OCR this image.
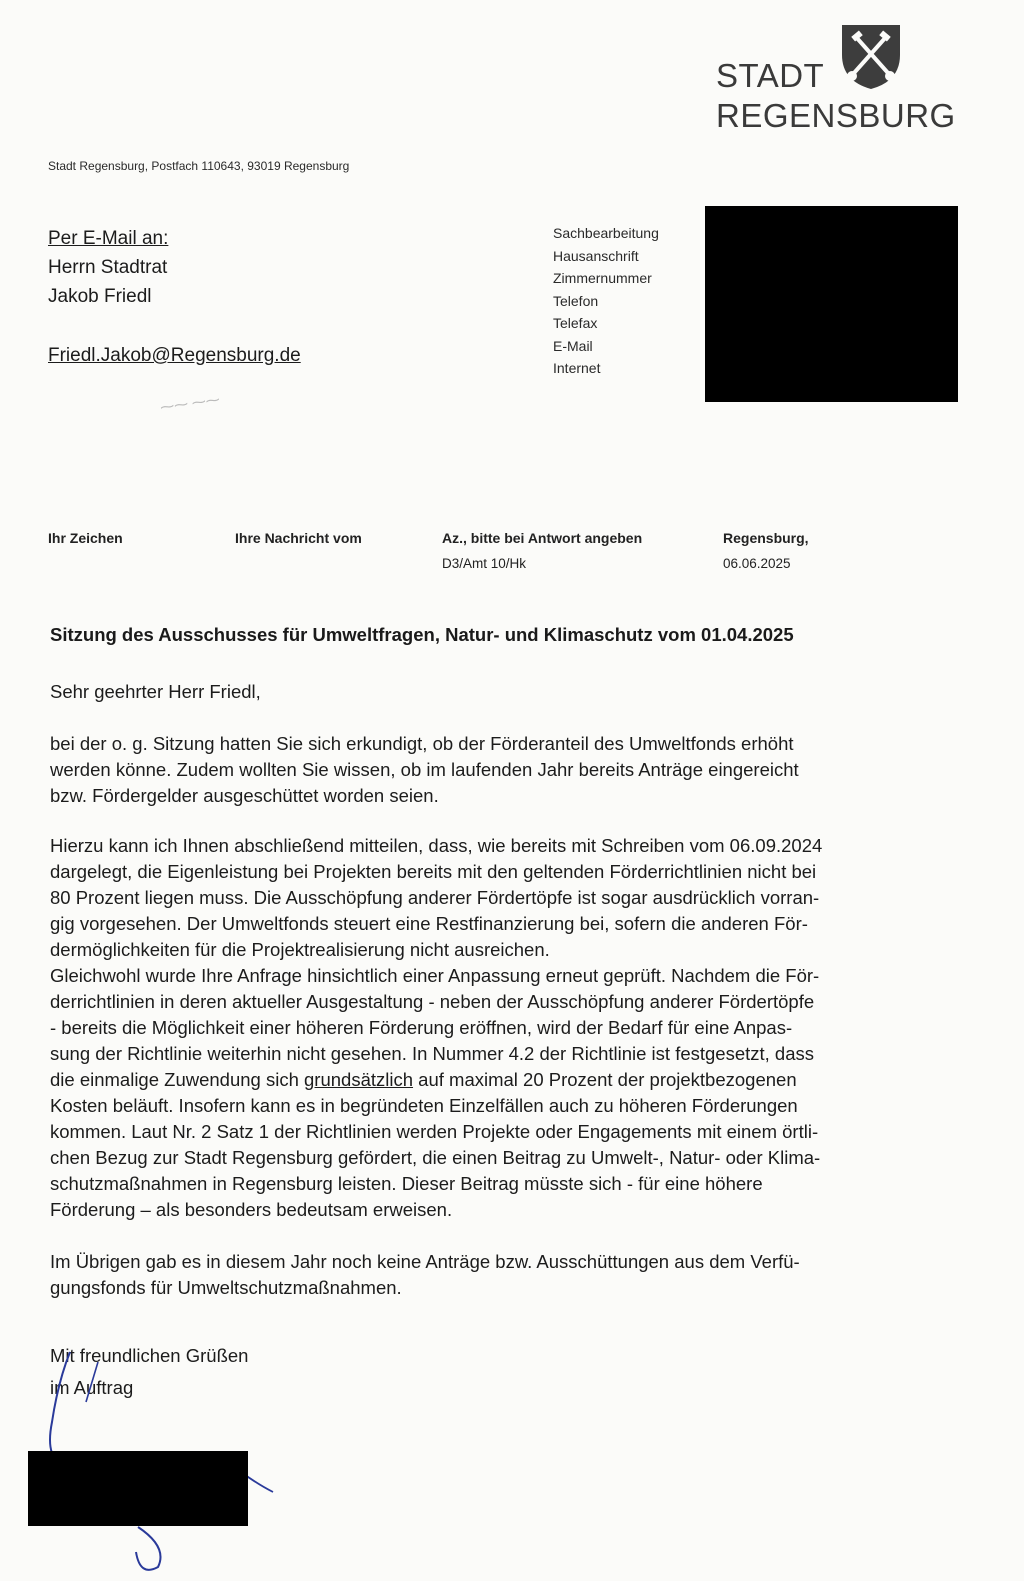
STADT
REGENSBURG
Stadt Regensburg, Postfach 110643, 93019 Regensburg
Per E-Mail an:
Herrn Stadtrat
Jakob Friedl
Friedl.Jakob@Regensburg.de
Sachbearbeitung
Hausanschrift
Zimmernummer
Telefon
Telefax
E-Mail
Internet
⁓⁓ ⁓⁓
Ihr Zeichen	Ihre Nachricht vom	Az., bitte bei Antwort angeben
D3/Amt 10/Hk
Regensburg,
06.06.2025
Sitzung des Ausschusses für Umweltfragen, Natur- und Klimaschutz vom 01.04.2025
Sehr geehrter Herr Friedl,
bei der o. g. Sitzung hatten Sie sich erkundigt, ob der Förderanteil des Umweltfonds erhöht
werden könne. Zudem wollten Sie wissen, ob im laufenden Jahr bereits Anträge eingereicht
bzw. Fördergelder ausgeschüttet worden seien.
Hierzu kann ich Ihnen abschließend mitteilen, dass, wie bereits mit Schreiben vom 06.09.2024
dargelegt, die Eigenleistung bei Projekten bereits mit den geltenden Förderrichtlinien nicht bei
80 Prozent liegen muss. Die Ausschöpfung anderer Fördertöpfe ist sogar ausdrücklich vorran-
gig vorgesehen. Der Umweltfonds steuert eine Restfinanzierung bei, sofern die anderen För-
dermöglichkeiten für die Projektrealisierung nicht ausreichen.
Gleichwohl wurde Ihre Anfrage hinsichtlich einer Anpassung erneut geprüft. Nachdem die För-
derrichtlinien in deren aktueller Ausgestaltung - neben der Ausschöpfung anderer Fördertöpfe
- bereits die Möglichkeit einer höheren Förderung eröffnen, wird der Bedarf für eine Anpas-
sung der Richtlinie weiterhin nicht gesehen. In Nummer 4.2 der Richtlinie ist festgesetzt, dass
die einmalige Zuwendung sich grundsätzlich auf maximal 20 Prozent der projektbezogenen
Kosten beläuft. Insofern kann es in begründeten Einzelfällen auch zu höheren Förderungen
kommen. Laut Nr. 2 Satz 1 der Richtlinien werden Projekte oder Engagements mit einem örtli-
chen Bezug zur Stadt Regensburg gefördert, die einen Beitrag zu Umwelt-, Natur- oder Klima-
schutzmaßnahmen in Regensburg leisten. Dieser Beitrag müsste sich - für eine höhere
Förderung – als besonders bedeutsam erweisen.
Im Übrigen gab es in diesem Jahr noch keine Anträge bzw. Ausschüttungen aus dem Verfü-
gungsfonds für Umweltschutzmaßnahmen.
Mit freundlichen Grüßen
im Auftrag
